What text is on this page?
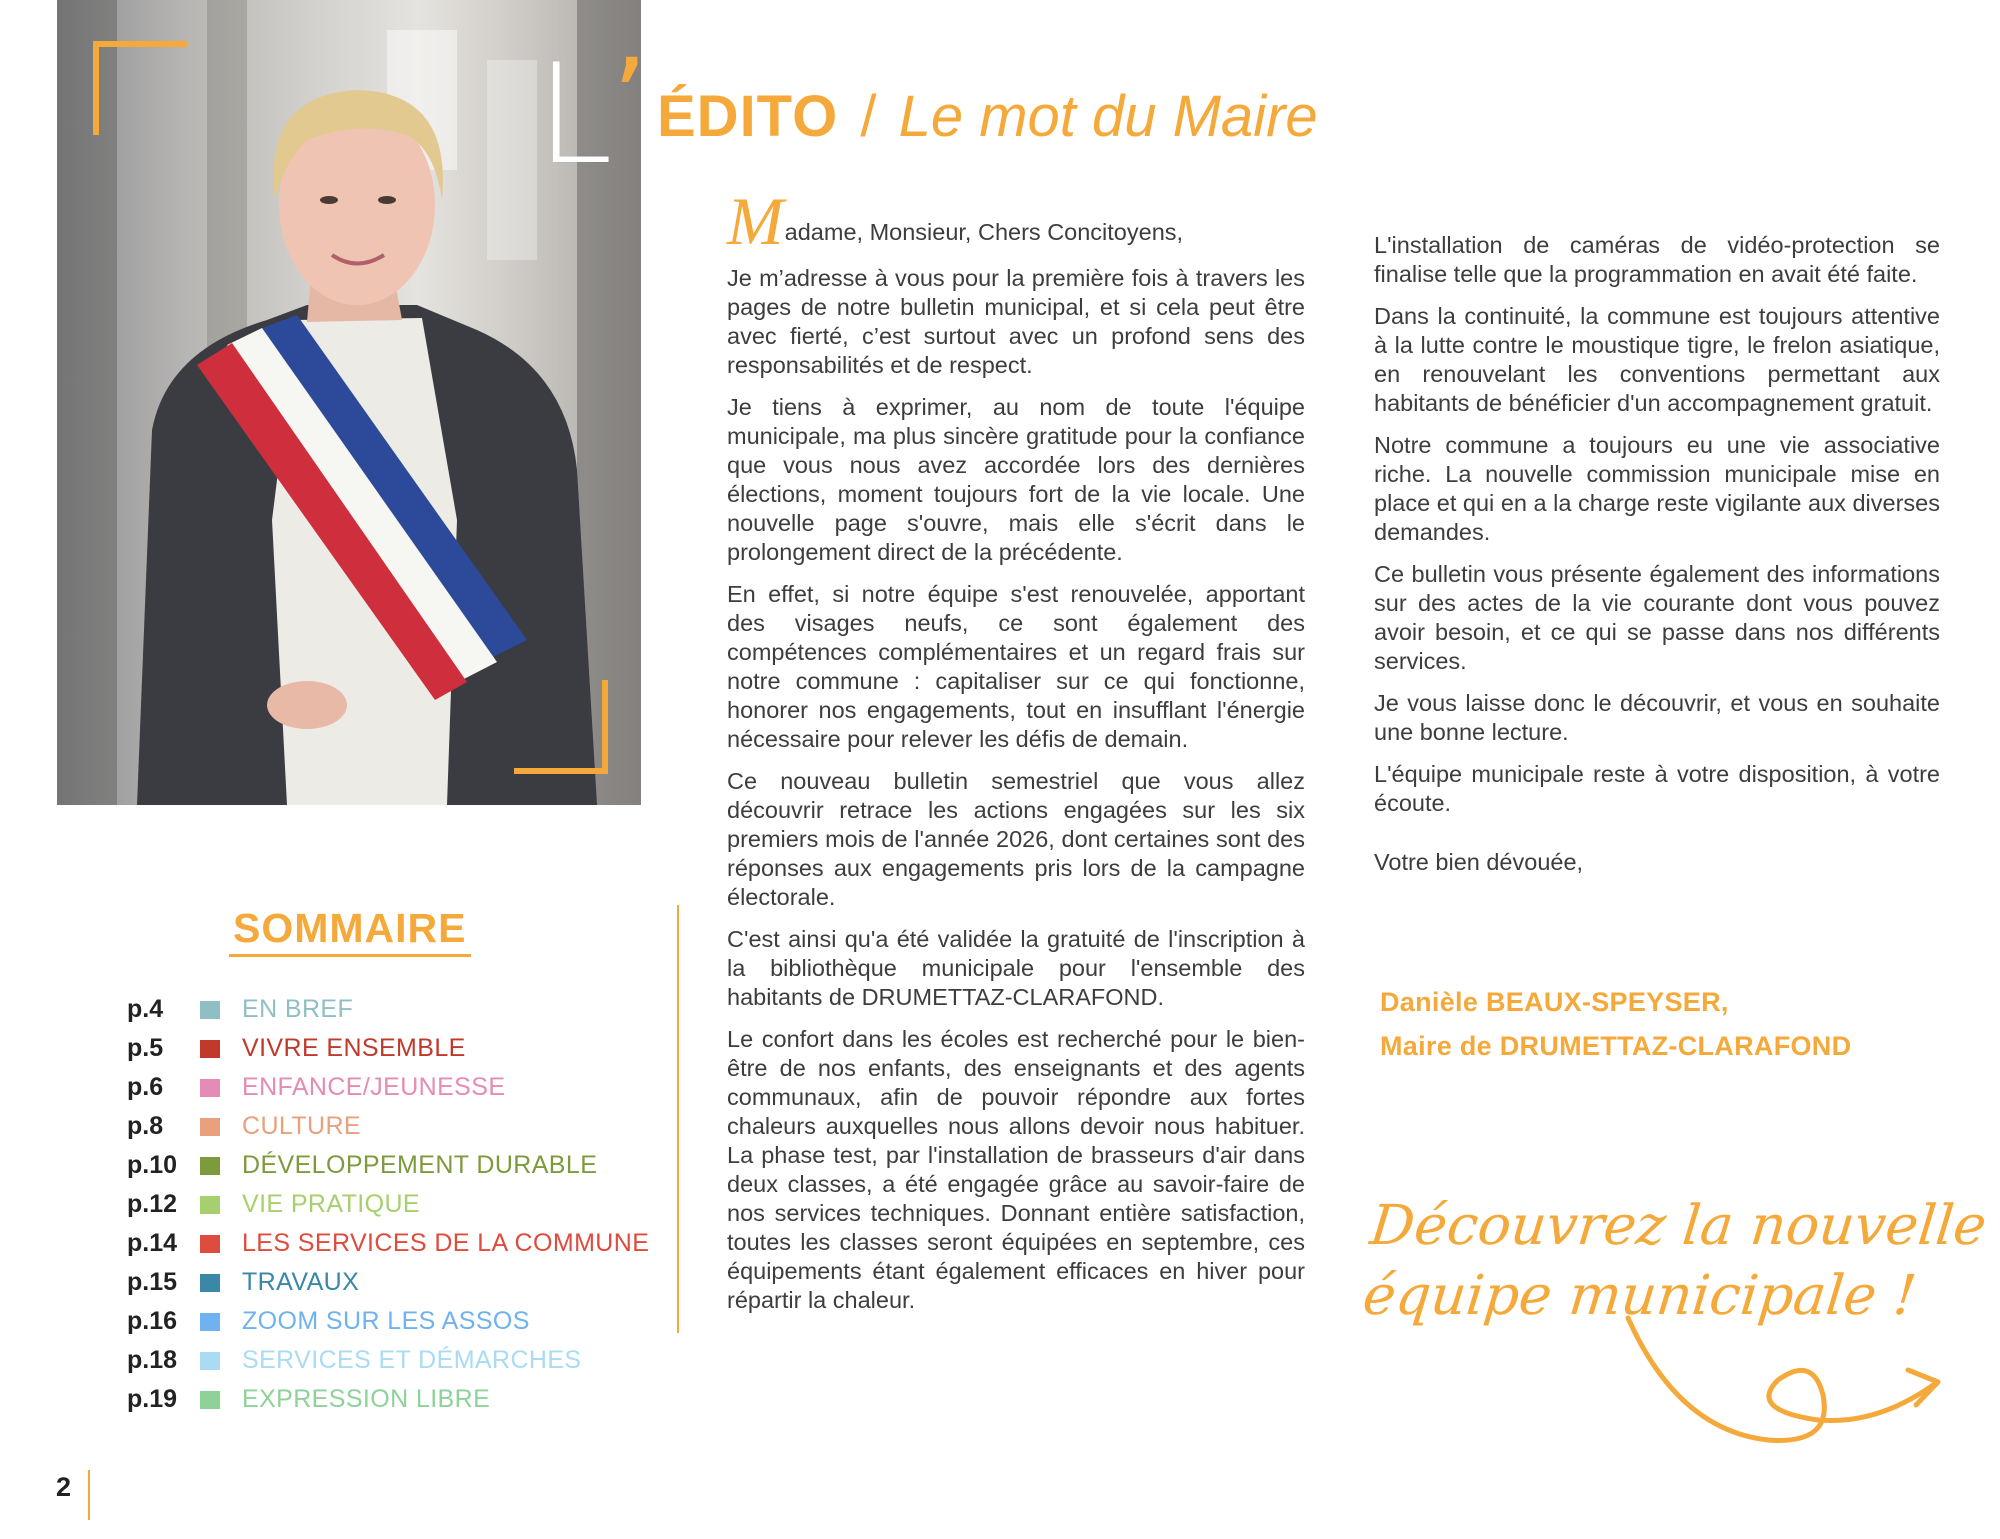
L ’ ÉDITO / Le mot du Maire

Madame, Monsieur, Chers Concitoyens,

Je m’adresse à vous pour la première fois à travers les pages de notre bulletin municipal, et si cela peut être avec fierté, c’est surtout avec un profond sens des responsabilités et de respect.

Je tiens à exprimer, au nom de toute l'équipe municipale, ma plus sincère gratitude pour la confiance que vous nous avez accordée lors des dernières élections, moment toujours fort de la vie locale. Une nouvelle page s'ouvre, mais elle s'écrit dans le prolongement direct de la précédente.

En effet, si notre équipe s'est renouvelée, apportant des visages neufs, ce sont également des compétences complémentaires et un regard frais sur notre commune : capitaliser sur ce qui fonctionne, honorer nos engagements, tout en insufflant l'énergie nécessaire pour relever les défis de demain.

Ce nouveau bulletin semestriel que vous allez découvrir retrace les actions engagées sur les six premiers mois de l'année 2026, dont certaines sont des réponses aux engagements pris lors de la campagne électorale.

C'est ainsi qu'a été validée la gratuité de l'inscription à la bibliothèque municipale pour l'ensemble des habitants de DRUMETTAZ-CLARAFOND.

Le confort dans les écoles est recherché pour le bien-être de nos enfants, des enseignants et des agents communaux, afin de pouvoir répondre aux fortes chaleurs auxquelles nous allons devoir nous habituer. La phase test, par l'installation de brasseurs d'air dans deux classes, a été engagée grâce au savoir-faire de nos services techniques. Donnant entière satisfaction, toutes les classes seront équipées en septembre, ces équipements étant également efficaces en hiver pour répartir la chaleur.

L'installation de caméras de vidéo-protection se finalise telle que la programmation en avait été faite.

Dans la continuité, la commune est toujours attentive à la lutte contre le moustique tigre, le frelon asiatique, en renouvelant les conventions permettant aux habitants de bénéficier d'un accompagnement gratuit.

Notre commune a toujours eu une vie associative riche. La nouvelle commission municipale mise en place et qui en a la charge reste vigilante aux diverses demandes.

Ce bulletin vous présente également des informations sur des actes de la vie courante dont vous pouvez avoir besoin, et ce qui se passe dans nos différents services.

Je vous laisse donc le découvrir, et vous en souhaite une bonne lecture.

L'équipe municipale reste à votre disposition, à votre écoute.

Votre bien dévouée,

Danièle BEAUX-SPEYSER,
Maire de DRUMETTAZ-CLARAFOND
SOMMAIRE
p.4	EN BREF
p.5	VIVRE ENSEMBLE
p.6	ENFANCE/JEUNESSE
p.8	CULTURE
p.10	DÉVELOPPEMENT DURABLE
p.12	VIE PRATIQUE
p.14	LES SERVICES DE LA COMMUNE
p.15	TRAVAUX
p.16	ZOOM SUR LES ASSOS
p.18	SERVICES ET DÉMARCHES
p.19	EXPRESSION LIBRE
Découvrez la nouvelle
équipe municipale !
2
